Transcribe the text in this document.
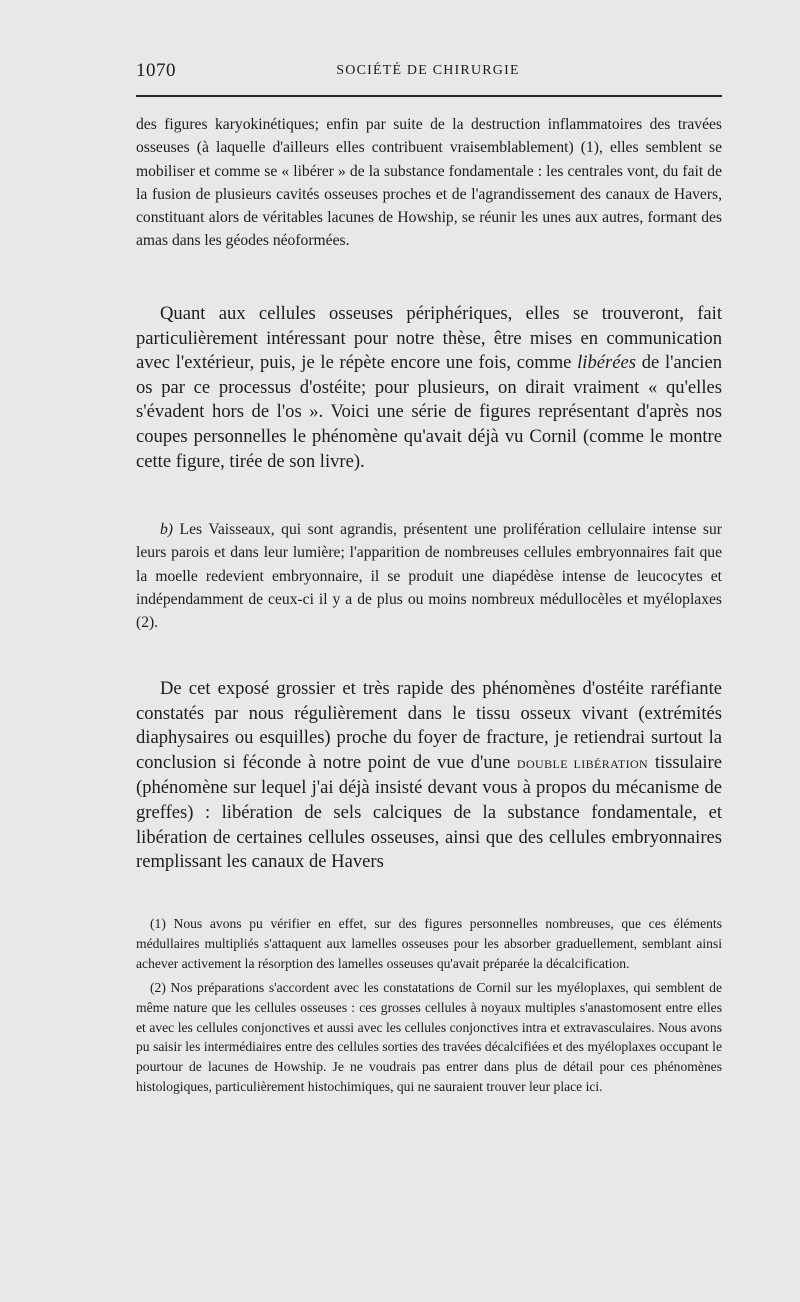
1070	SOCIÉTÉ DE CHIRURGIE

des figures karyokinétiques; enfin par suite de la destruction inflammatoires des travées osseuses (à laquelle d'ailleurs elles contribuent vraisemblablement) (1), elles semblent se mobiliser et comme se « libérer » de la substance fondamentale : les centrales vont, du fait de la fusion de plusieurs cavités osseuses proches et de l'agrandissement des canaux de Havers, constituant alors de véritables lacunes de Howship, se réunir les unes aux autres, formant des amas dans les géodes néoformées.

Quant aux cellules osseuses périphériques, elles se trouveront, fait particulièrement intéressant pour notre thèse, être mises en communication avec l'extérieur, puis, je le répète encore une fois, comme libérées de l'ancien os par ce processus d'ostéite; pour plusieurs, on dirait vraiment « qu'elles s'évadent hors de l'os ». Voici une série de figures représentant d'après nos coupes personnelles le phénomène qu'avait déjà vu Cornil (comme le montre cette figure, tirée de son livre).

b) Les Vaisseaux, qui sont agrandis, présentent une prolifération cellulaire intense sur leurs parois et dans leur lumière; l'apparition de nombreuses cellules embryonnaires fait que la moelle redevient embryonnaire, il se produit une diapédèse intense de leucocytes et indépendamment de ceux-ci il y a de plus ou moins nombreux médullocèles et myéloplaxes (2).

De cet exposé grossier et très rapide des phénomènes d'ostéite raréfiante constatés par nous régulièrement dans le tissu osseux vivant (extrémités diaphysaires ou esquilles) proche du foyer de fracture, je retiendrai surtout la conclusion si féconde à notre point de vue d'une DOUBLE LIBÉRATION tissulaire (phénomène sur lequel j'ai déjà insisté devant vous à propos du mécanisme de greffes) : libération de sels calciques de la substance fondamentale, et libération de certaines cellules osseuses, ainsi que des cellules embryonnaires remplissant les canaux de Havers

(1) Nous avons pu vérifier en effet, sur des figures personnelles nombreuses, que ces éléments médullaires multipliés s'attaquent aux lamelles osseuses pour les absorber graduellement, semblant ainsi achever activement la résorption des lamelles osseuses qu'avait préparée la décalcification.

(2) Nos préparations s'accordent avec les constatations de Cornil sur les myéloplaxes, qui semblent de même nature que les cellules osseuses : ces grosses cellules à noyaux multiples s'anastomosent entre elles et avec les cellules conjonctives et aussi avec les cellules conjonctives intra et extravasculaires. Nous avons pu saisir les intermédiaires entre des cellules sorties des travées décalcifiées et des myéloplaxes occupant le pourtour de lacunes de Howship. Je ne voudrais pas entrer dans plus de détail pour ces phénomènes histologiques, particulièrement histochimiques, qui ne sauraient trouver leur place ici.
